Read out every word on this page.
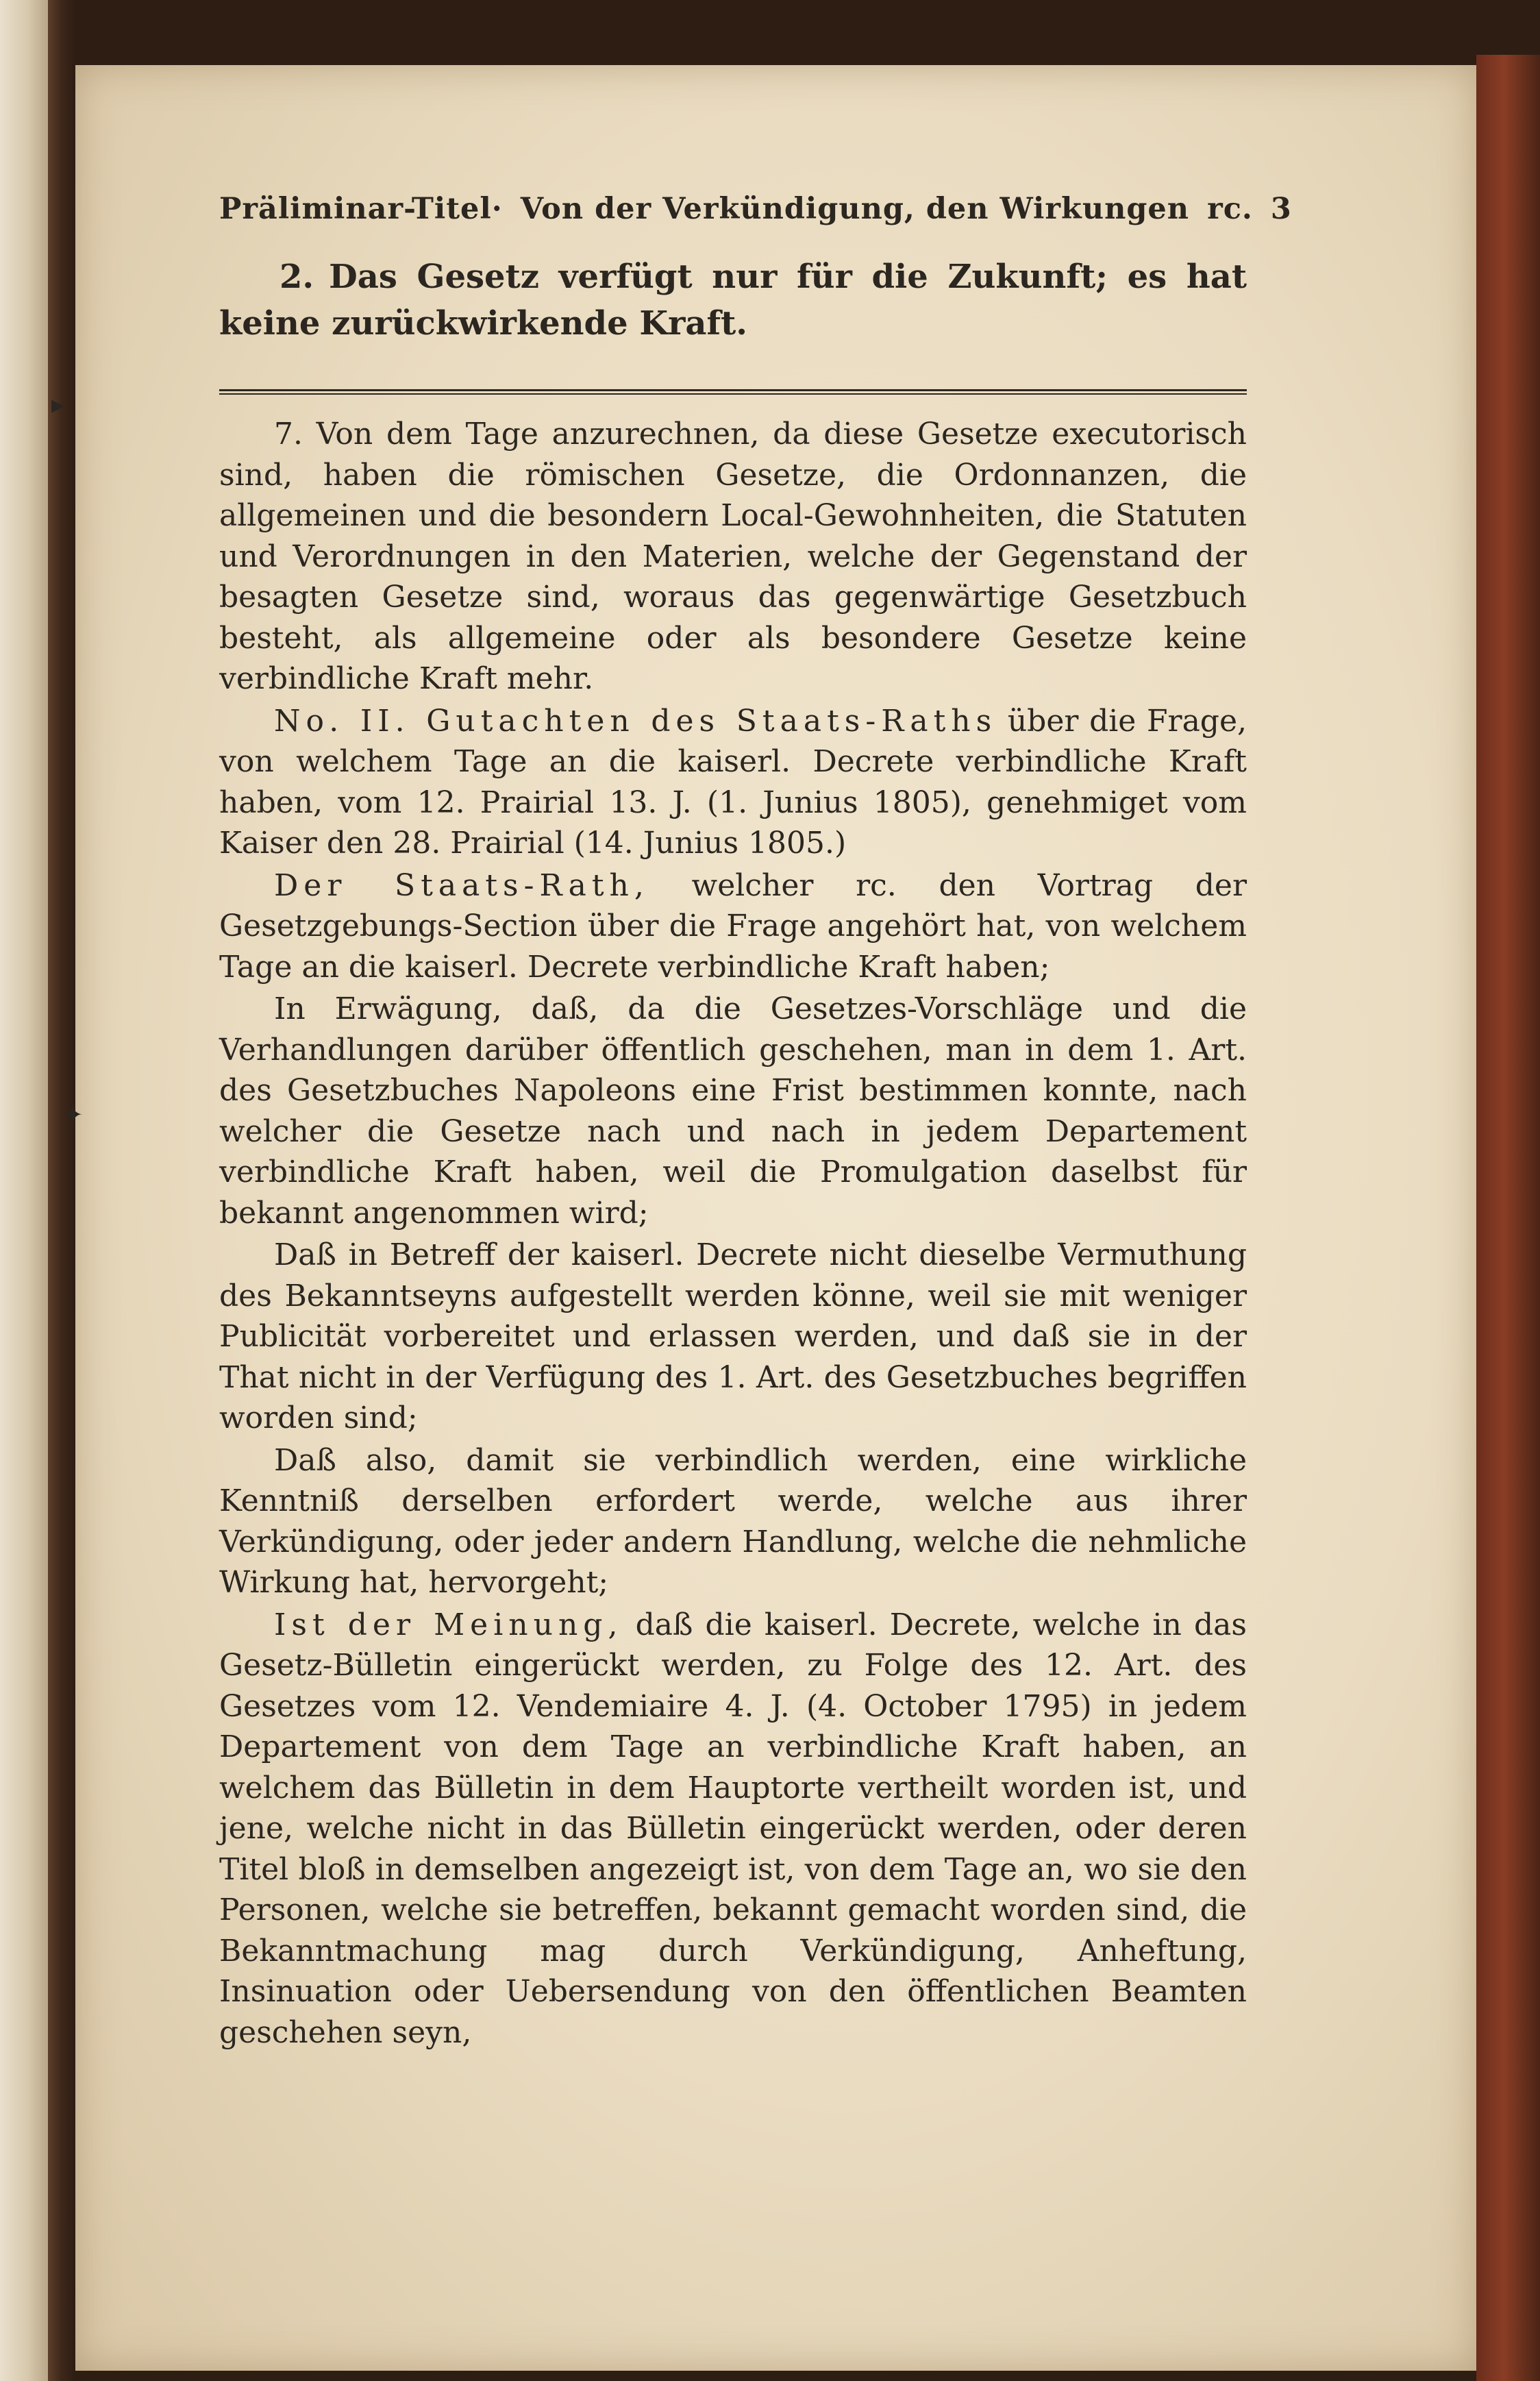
▸
✦
Präliminar-Titel· Von der Verkündigung, den Wirkungen rc. 3

2. Das Gesetz verfügt nur für die Zukunft; es hat keine zurückwirkende Kraft.

7. Von dem Tage anzurechnen, da diese Gesetze executorisch sind, haben die römischen Gesetze, die Ordonnanzen, die allgemeinen und die besondern Local-Gewohnheiten, die Statuten und Verordnungen in den Materien, welche der Gegenstand der besagten Gesetze sind, woraus das gegenwärtige Gesetzbuch besteht, als allgemeine oder als besondere Gesetze keine verbindliche Kraft mehr.

No. II. Gutachten des Staats-Raths über die Frage, von welchem Tage an die kaiserl. Decrete verbindliche Kraft haben, vom 12. Prairial 13. J. (1. Junius 1805), genehmiget vom Kaiser den 28. Prairial (14. Junius 1805.)

Der Staats-Rath, welcher rc. den Vortrag der Gesetzgebungs-Section über die Frage angehört hat, von welchem Tage an die kaiserl. Decrete verbindliche Kraft haben;

In Erwägung, daß, da die Gesetzes-Vorschläge und die Verhandlungen darüber öffentlich geschehen, man in dem 1. Art. des Gesetzbuches Napoleons eine Frist bestimmen konnte, nach welcher die Gesetze nach und nach in jedem Departement verbindliche Kraft haben, weil die Promulgation daselbst für bekannt angenommen wird;

Daß in Betreff der kaiserl. Decrete nicht dieselbe Vermuthung des Bekanntseyns aufgestellt werden könne, weil sie mit weniger Publicität vorbereitet und erlassen werden, und daß sie in der That nicht in der Verfügung des 1. Art. des Gesetzbuches begriffen worden sind;

Daß also, damit sie verbindlich werden, eine wirkliche Kenntniß derselben erfordert werde, welche aus ihrer Verkündigung, oder jeder andern Handlung, welche die nehmliche Wirkung hat, hervorgeht;

Ist der Meinung, daß die kaiserl. Decrete, welche in das Gesetz-Bülletin eingerückt werden, zu Folge des 12. Art. des Gesetzes vom 12. Vendemiaire 4. J. (4. October 1795) in jedem Departement von dem Tage an verbindliche Kraft haben, an welchem das Bülletin in dem Hauptorte vertheilt worden ist, und jene, welche nicht in das Bülletin eingerückt werden, oder deren Titel bloß in demselben angezeigt ist, von dem Tage an, wo sie den Personen, welche sie betreffen, bekannt gemacht worden sind, die Bekanntmachung mag durch Verkündigung, Anheftung, Insinuation oder Uebersendung von den öffentlichen Beamten geschehen seyn,
